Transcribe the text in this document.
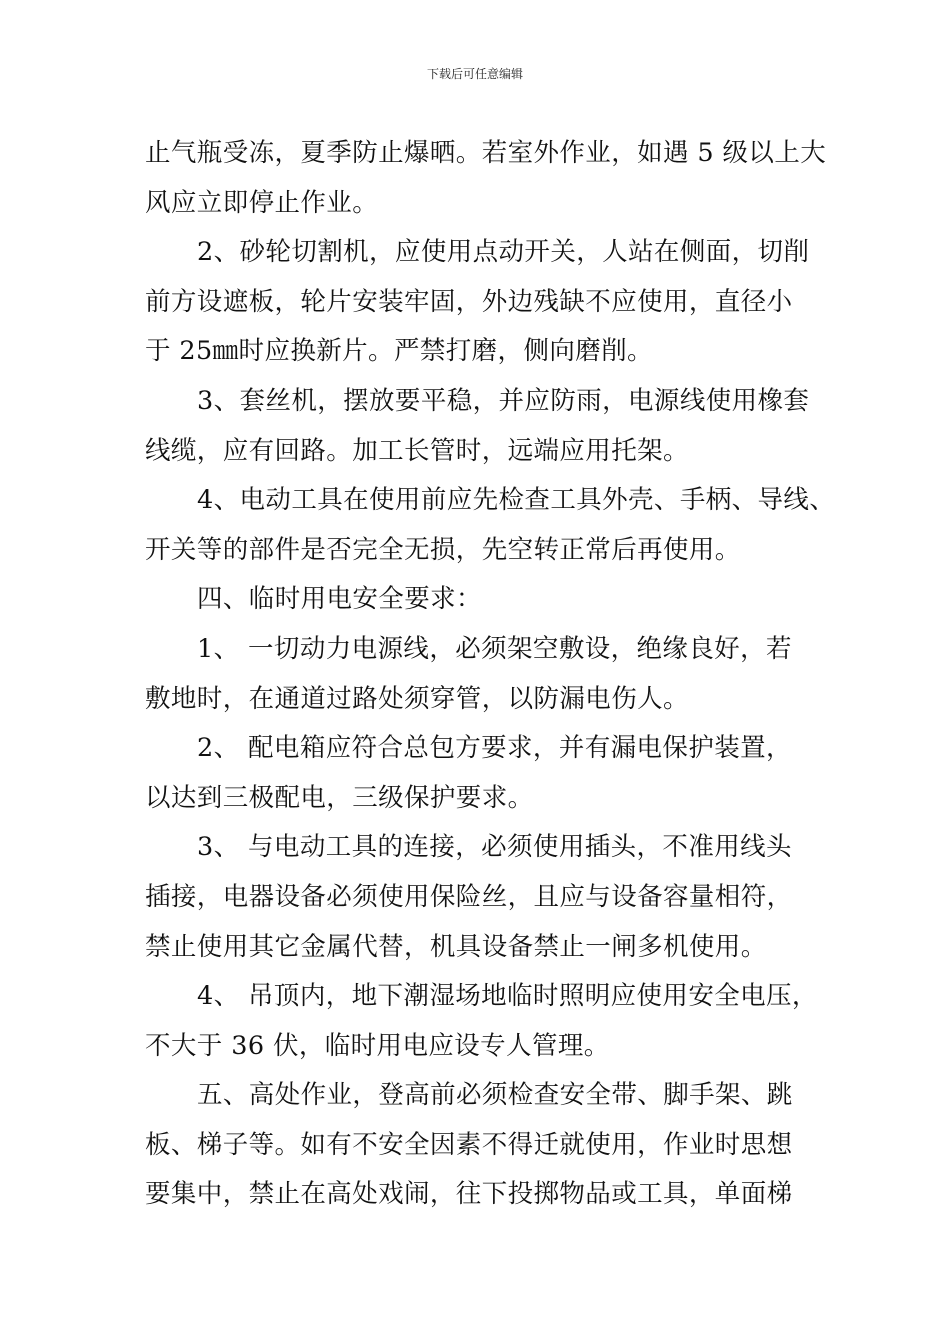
下载后可任意编辑

止气瓶受冻，夏季防止爆晒。若室外作业，如遇 5 级以上大
风应立即停止作业。

2、砂轮切割机，应使用点动开关，人站在侧面，切削
前方设遮板，轮片安装牢固，外边残缺不应使用，直径小
于 25㎜时应换新片。严禁打磨，侧向磨削。

3、套丝机，摆放要平稳，并应防雨，电源线使用橡套
线缆，应有回路。加工长管时，远端应用托架。

4、电动工具在使用前应先检查工具外壳、手柄、导线、
开关等的部件是否完全无损，先空转正常后再使用。

四、临时用电安全要求：

1、 一切动力电源线，必须架空敷设，绝缘良好，若
敷地时，在通道过路处须穿管，以防漏电伤人。

2、 配电箱应符合总包方要求，并有漏电保护装置，
以达到三极配电，三级保护要求。

3、 与电动工具的连接，必须使用插头，不准用线头
插接，电器设备必须使用保险丝，且应与设备容量相符，
禁止使用其它金属代替，机具设备禁止一闸多机使用。

4、 吊顶内，地下潮湿场地临时照明应使用安全电压，
不大于 36 伏，临时用电应设专人管理。

五、高处作业，登高前必须检查安全带、脚手架、跳
板、梯子等。如有不安全因素不得迁就使用，作业时思想
要集中，禁止在高处戏闹，往下投掷物品或工具，单面梯
